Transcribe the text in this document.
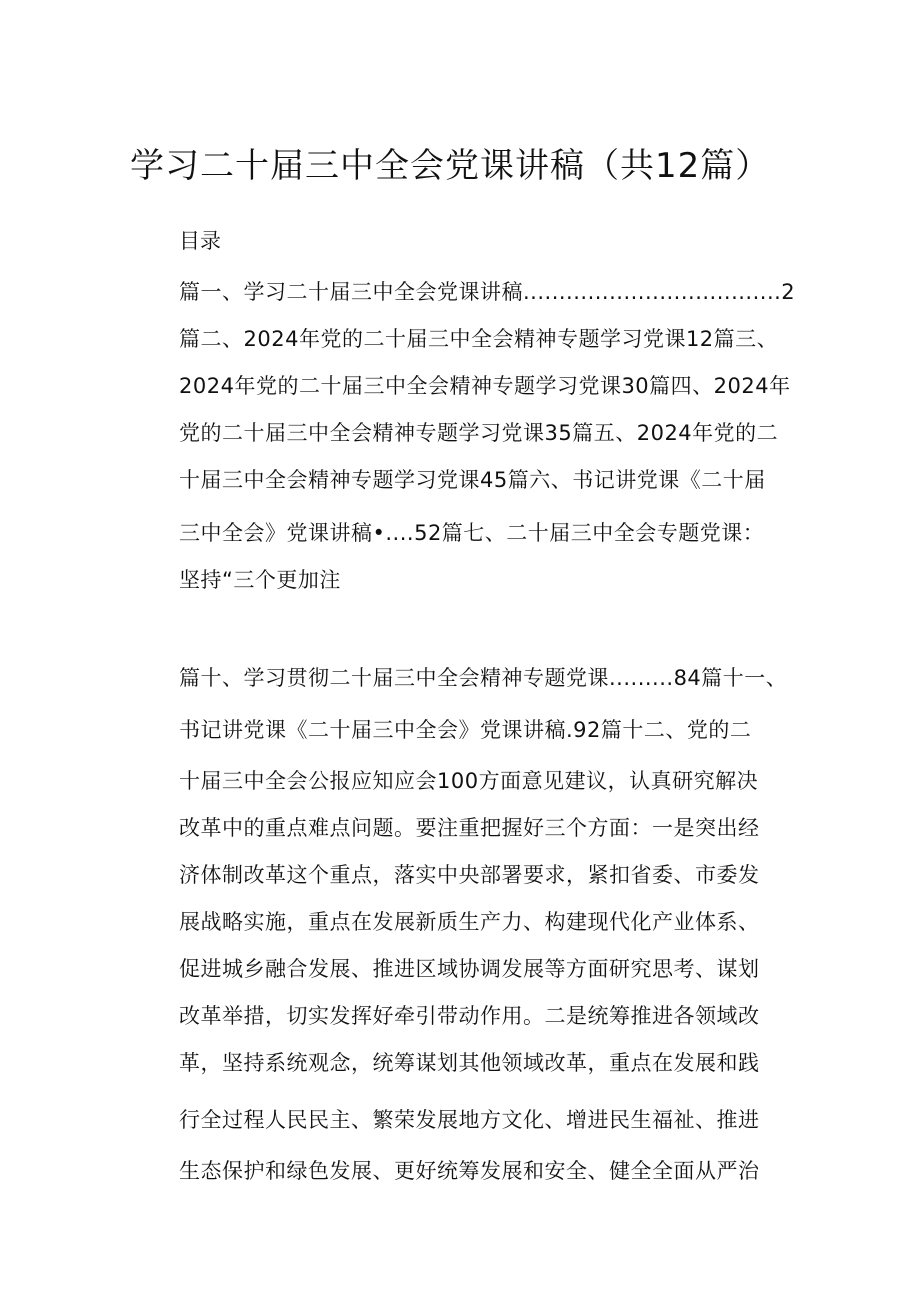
学习二十届三中全会党课讲稿（共12篇）
目录
篇一、学习二十届三中全会党课讲稿....................................2
篇二、2024年党的二十届三中全会精神专题学习党课12篇三、
2024年党的二十届三中全会精神专题学习党课30篇四、2024年
党的二十届三中全会精神专题学习党课35篇五、2024年党的二
十届三中全会精神专题学习党课45篇六、书记讲党课《二十届
三中全会》党课讲稿•....52篇七、二十届三中全会专题党课：
坚持“三个更加注
篇十、学习贯彻二十届三中全会精神专题党课.........84篇十一、
书记讲党课《二十届三中全会》党课讲稿.92篇十二、党的二
十届三中全会公报应知应会100方面意见建议，认真研究解决
改革中的重点难点问题。要注重把握好三个方面：一是突出经
济体制改革这个重点，落实中央部署要求，紧扣省委、市委发
展战略实施，重点在发展新质生产力、构建现代化产业体系、
促进城乡融合发展、推进区域协调发展等方面研究思考、谋划
改革举措，切实发挥好牵引带动作用。二是统筹推进各领域改
革，坚持系统观念，统筹谋划其他领域改革，重点在发展和践
行全过程人民民主、繁荣发展地方文化、增进民生福祉、推进
生态保护和绿色发展、更好统筹发展和安全、健全全面从严治
